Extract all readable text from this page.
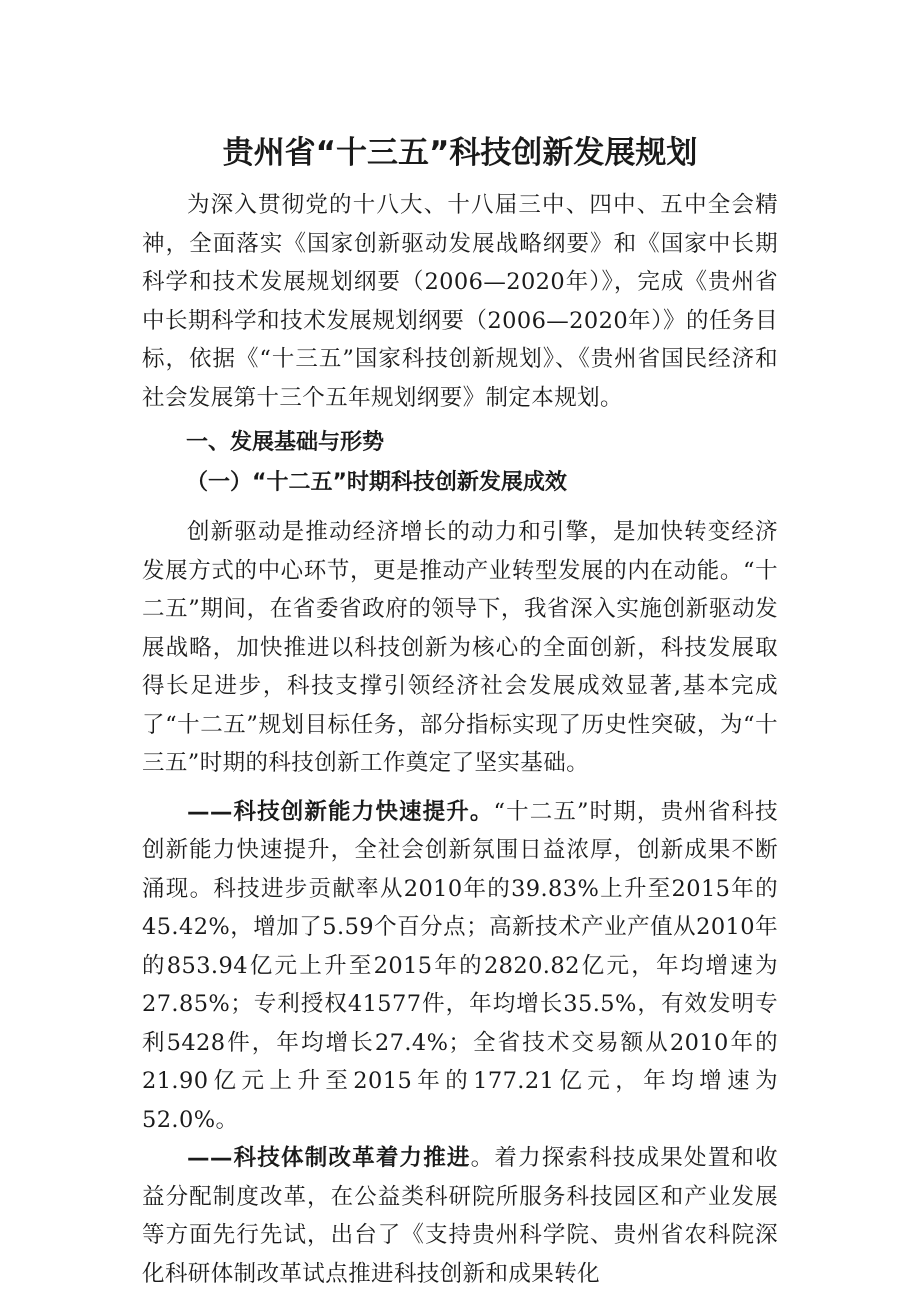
贵州省“十三五”科技创新发展规划

为深入贯彻党的十八大、十八届三中、四中、五中全会精神，全面落实《国家创新驱动发展战略纲要》和《国家中长期科学和技术发展规划纲要（2006—2020年）》，完成《贵州省中长期科学和技术发展规划纲要（2006—2020年）》的任务目标，依据《“十三五”国家科技创新规划》、《贵州省国民经济和社会发展第十三个五年规划纲要》制定本规划。

一、发展基础与形势

（一）“十二五”时期科技创新发展成效

创新驱动是推动经济增长的动力和引擎，是加快转变经济发展方式的中心环节，更是推动产业转型发展的内在动能。“十二五”期间，在省委省政府的领导下，我省深入实施创新驱动发展战略，加快推进以科技创新为核心的全面创新，科技发展取得长足进步，科技支撑引领经济社会发展成效显著,基本完成了“十二五”规划目标任务，部分指标实现了历史性突破，为“十三五”时期的科技创新工作奠定了坚实基础。

——科技创新能力快速提升。“十二五”时期，贵州省科技创新能力快速提升，全社会创新氛围日益浓厚，创新成果不断涌现。科技进步贡献率从2010年的39.83%上升至2015年的45.42%，增加了5.59个百分点；高新技术产业产值从2010年的853.94亿元上升至2015年的2820.82亿元，年均增速为27.85%；专利授权41577件，年均增长35.5%，有效发明专利5428件，年均增长27.4%；全省技术交易额从2010年的21.90亿元上升至2015年的177.21亿元，年均增速为52.0%。

——科技体制改革着力推进。着力探索科技成果处置和收益分配制度改革，在公益类科研院所服务科技园区和产业发展等方面先行先试，出台了《支持贵州科学院、贵州省农科院深化科研体制改革试点推进科技创新和成果转化
